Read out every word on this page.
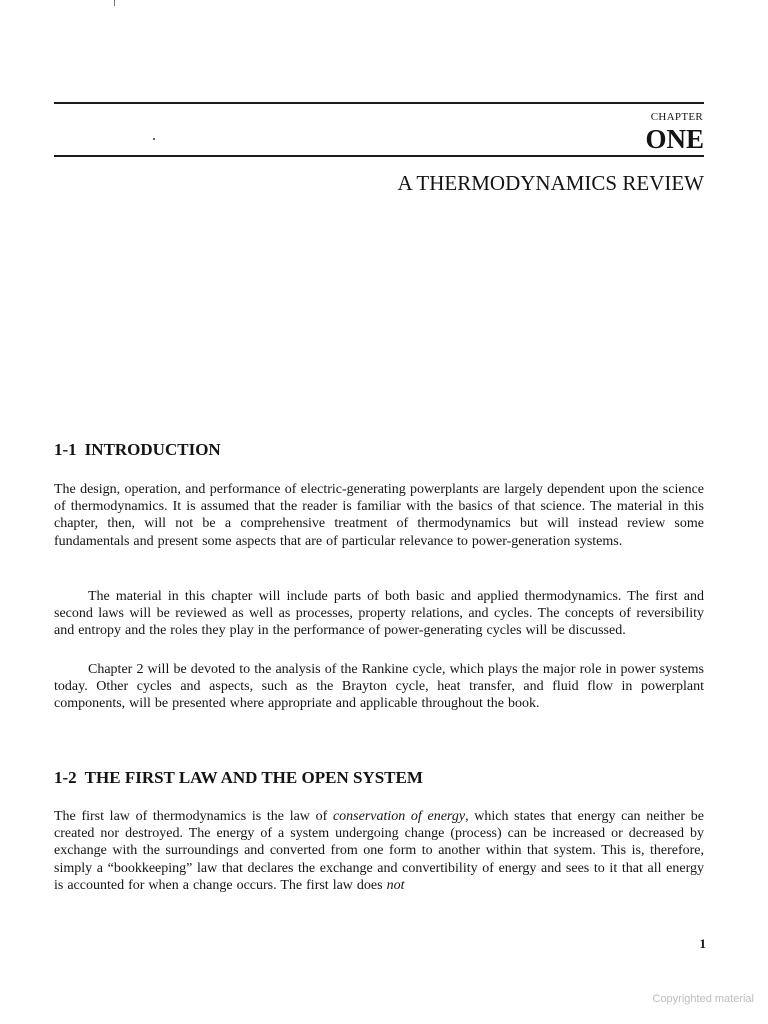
CHAPTER
ONE
A THERMODYNAMICS REVIEW
1-1 INTRODUCTION

The design, operation, and performance of electric-generating powerplants are largely dependent upon the science of thermodynamics. It is assumed that the reader is familiar with the basics of that science. The material in this chapter, then, will not be a comprehensive treatment of thermodynamics but will instead review some fundamentals and present some aspects that are of particular relevance to power-generation systems.

The material in this chapter will include parts of both basic and applied thermodynamics. The first and second laws will be reviewed as well as processes, property relations, and cycles. The concepts of reversibility and entropy and the roles they play in the performance of power-generating cycles will be discussed.

Chapter 2 will be devoted to the analysis of the Rankine cycle, which plays the major role in power systems today. Other cycles and aspects, such as the Brayton cycle, heat transfer, and fluid flow in powerplant components, will be presented where appropriate and applicable throughout the book.

1-2 THE FIRST LAW AND THE OPEN SYSTEM

The first law of thermodynamics is the law of conservation of energy, which states that energy can neither be created nor destroyed. The energy of a system undergoing change (process) can be increased or decreased by exchange with the surroundings and converted from one form to another within that system. This is, therefore, simply a “bookkeeping” law that declares the exchange and convertibility of energy and sees to it that all energy is accounted for when a change occurs. The first law does not

1
Copyrighted material
